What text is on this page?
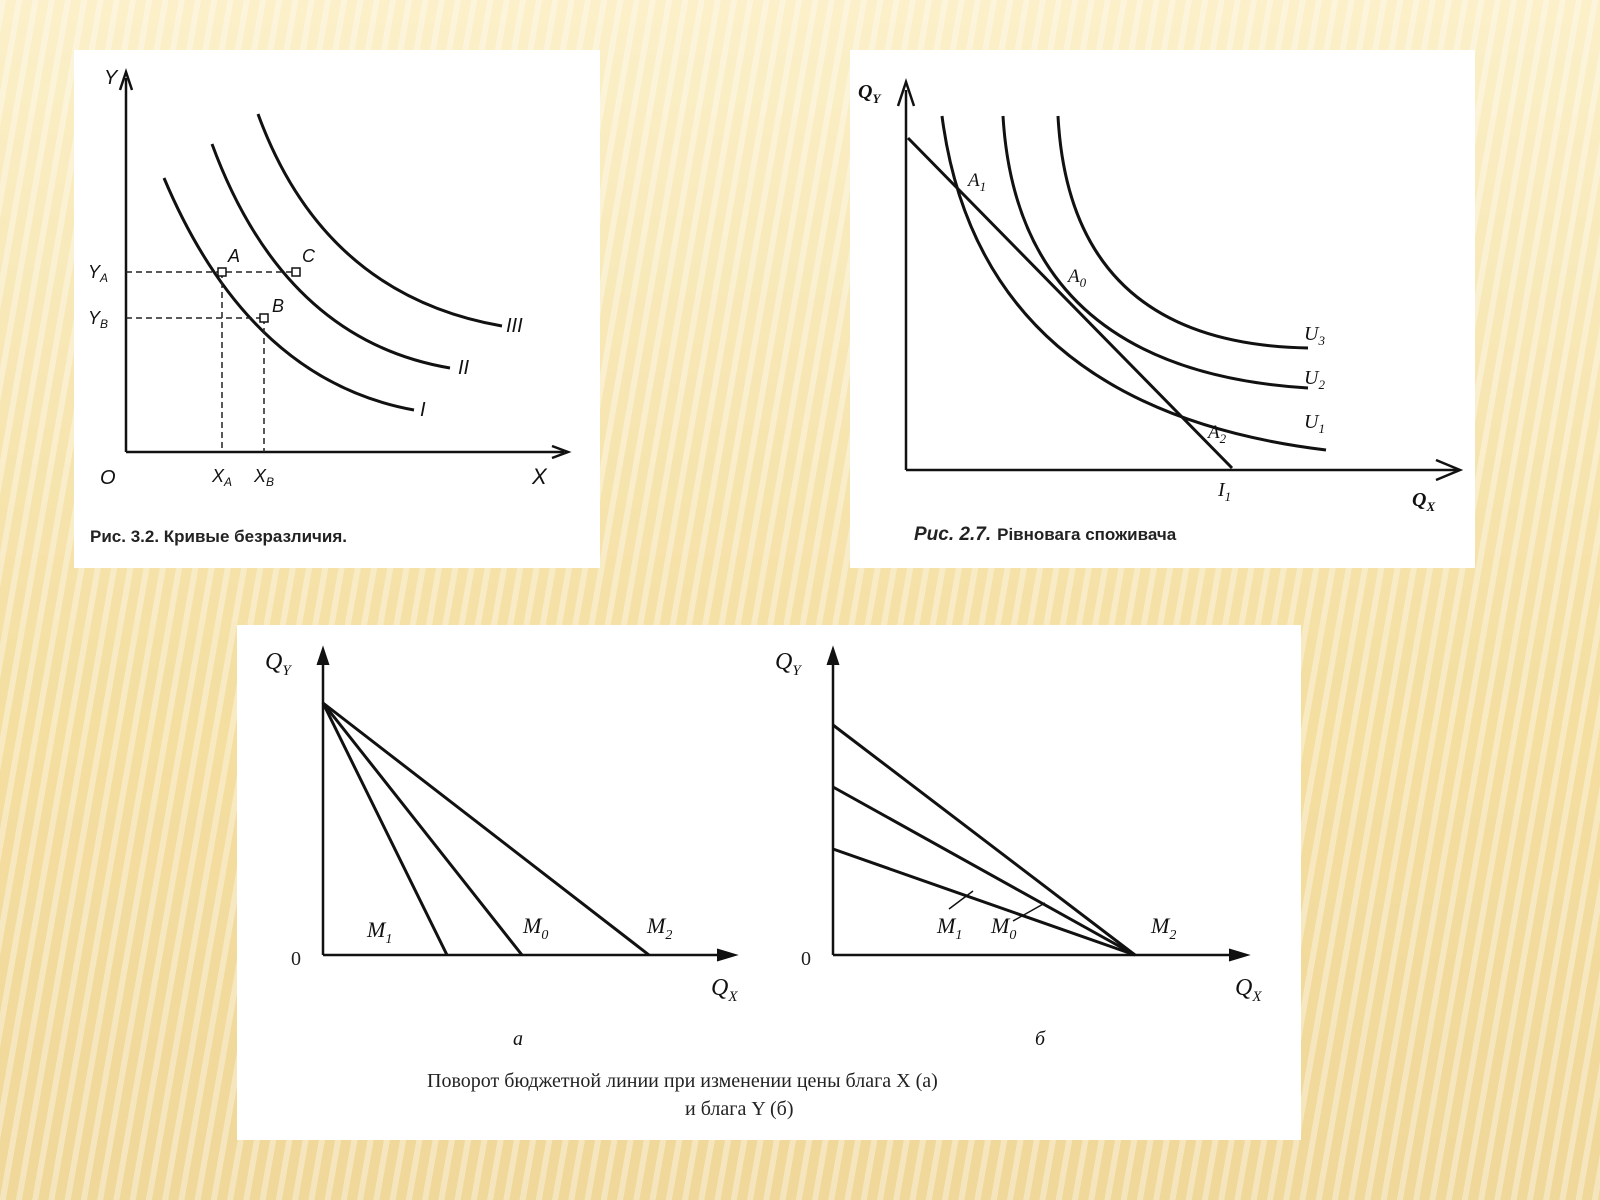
Y
X
O
$Y_A$
$Y_B$
$X_A$ $X_B$
A
B
C
I
II
III
Рис. 3.2. Кривые безразличия.
$Q_Y$
$Q_X$
$A_1$
$A_0$
$A_2$
$U_3$
$U_2$
$U_1$
$I_1$
Рис. 2.7. Рівновага споживача
$Q_Y$
$Q_X$
0
$M_1$
$M_0$	$M_2$
а
$Q_Y$
$Q_X$
0
$M_1$ $M_0$	$M_2$
б
Поворот бюджетной линии при изменении цены блага X (а)
и блага Y (б)
